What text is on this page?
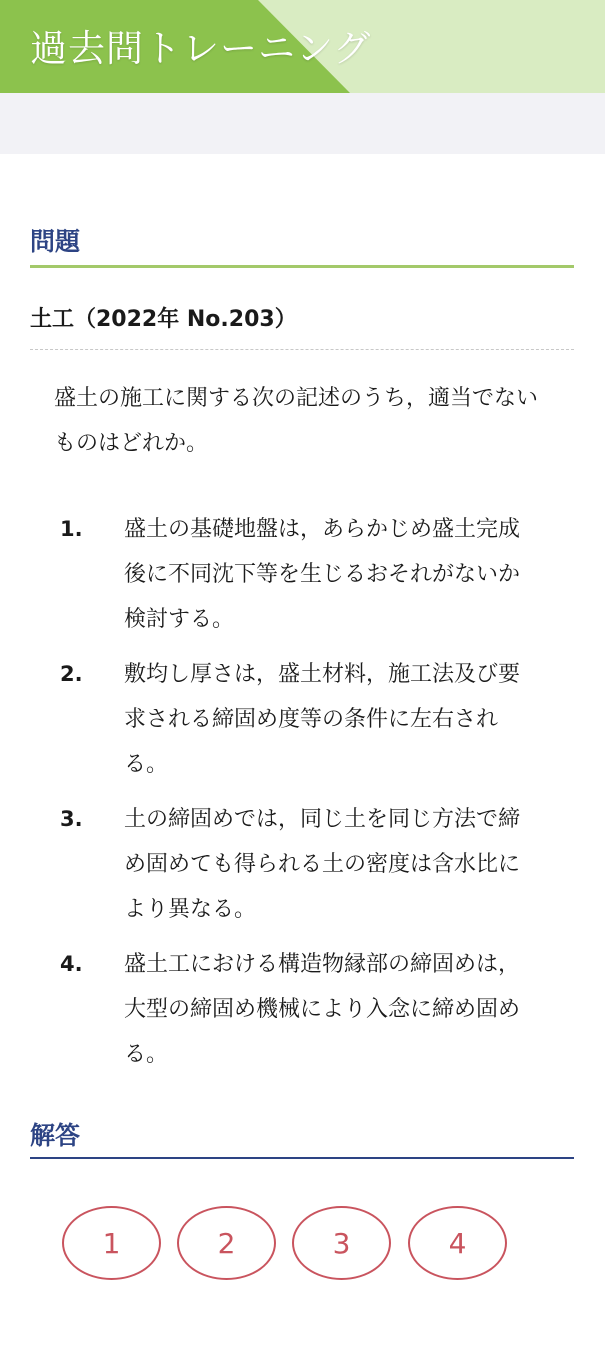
過去問トレーニング
問題
土工（2022年 No.203）
盛土の施工に関する次の記述のうち，適当でないものはどれか。
1.	盛土の基礎地盤は，あらかじめ盛土完成後に不同沈下等を生じるおそれがないか検討する。
2.	敷均し厚さは，盛土材料，施工法及び要求される締固め度等の条件に左右される。
3.	土の締固めでは，同じ土を同じ方法で締め固めても得られる土の密度は含水比により異なる。
4.	盛土工における構造物縁部の締固めは，大型の締固め機械により入念に締め固める。
解答
1	2	3	4
